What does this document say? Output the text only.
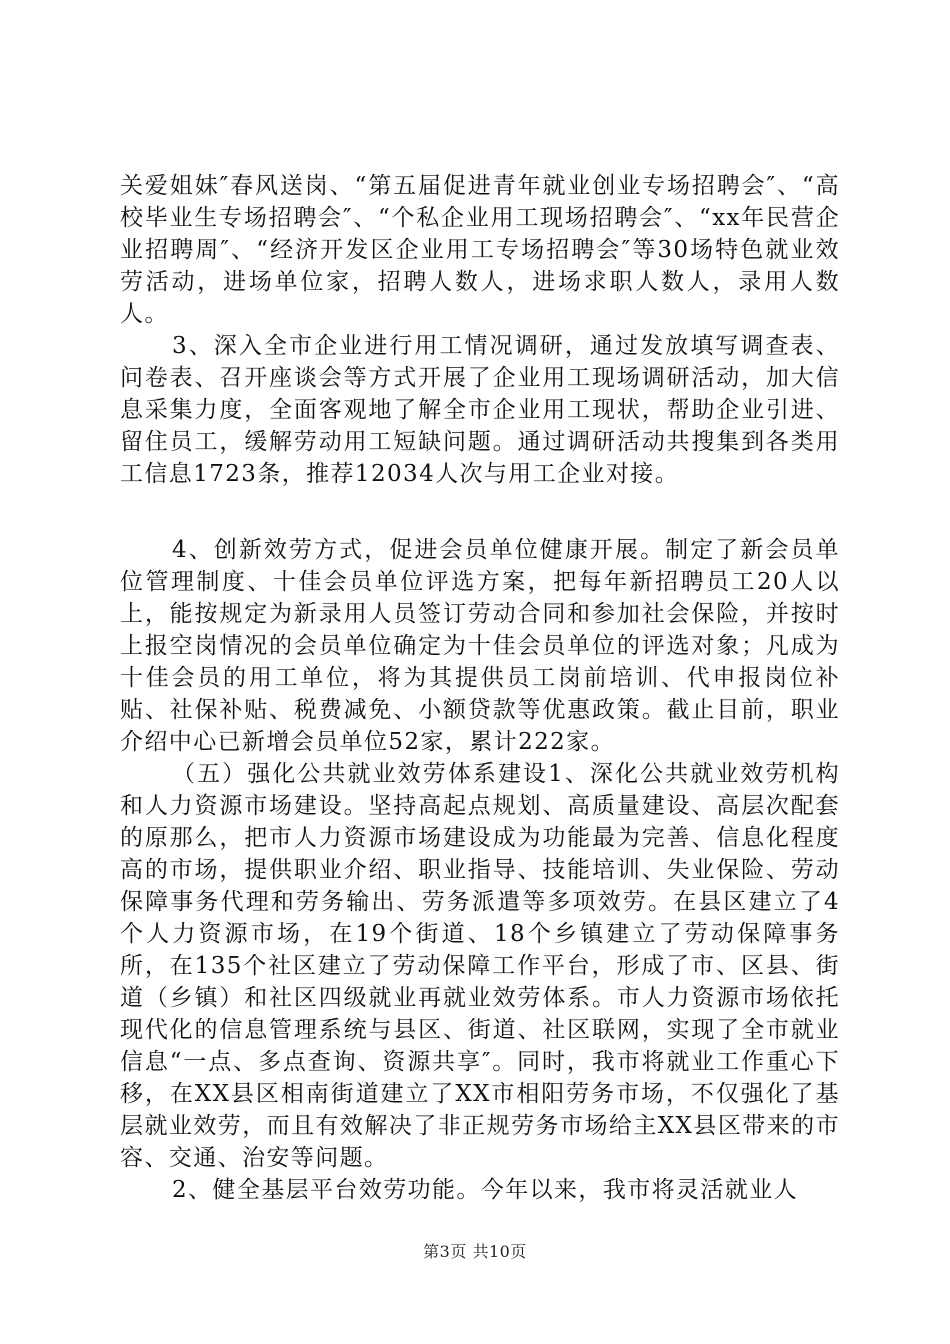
关爱姐妹″春风送岗、“第五届促进青年就业创业专场招聘会″、“高校毕业生专场招聘会″、“个私企业用工现场招聘会″、“xx年民营企业招聘周″、“经济开发区企业用工专场招聘会″等30场特色就业效劳活动，进场单位家，招聘人数人，进场求职人数人，录用人数人。

3、深入全市企业进行用工情况调研，通过发放填写调查表、问卷表、召开座谈会等方式开展了企业用工现场调研活动，加大信息采集力度，全面客观地了解全市企业用工现状，帮助企业引进、留住员工，缓解劳动用工短缺问题。通过调研活动共搜集到各类用工信息1723条，推荐12034人次与用工企业对接。

4、创新效劳方式，促进会员单位健康开展。制定了新会员单位管理制度、十佳会员单位评选方案，把每年新招聘员工20人以上，能按规定为新录用人员签订劳动合同和参加社会保险，并按时上报空岗情况的会员单位确定为十佳会员单位的评选对象；凡成为十佳会员的用工单位，将为其提供员工岗前培训、代申报岗位补贴、社保补贴、税费减免、小额贷款等优惠政策。截止目前，职业介绍中心已新增会员单位52家，累计222家。

（五）强化公共就业效劳体系建设1、深化公共就业效劳机构和人力资源市场建设。坚持高起点规划、高质量建设、高层次配套的原那么，把市人力资源市场建设成为功能最为完善、信息化程度高的市场，提供职业介绍、职业指导、技能培训、失业保险、劳动保障事务代理和劳务输出、劳务派遣等多项效劳。在县区建立了4个人力资源市场，在19个街道、18个乡镇建立了劳动保障事务所，在135个社区建立了劳动保障工作平台，形成了市、区县、街道（乡镇）和社区四级就业再就业效劳体系。市人力资源市场依托现代化的信息管理系统与县区、街道、社区联网，实现了全市就业信息“一点、多点查询、资源共享″。同时，我市将就业工作重心下移，在XX县区相南街道建立了XX市相阳劳务市场，不仅强化了基层就业效劳，而且有效解决了非正规劳务市场给主XX县区带来的市容、交通、治安等问题。

2、健全基层平台效劳功能。今年以来，我市将灵活就业人

第3页 共10页
